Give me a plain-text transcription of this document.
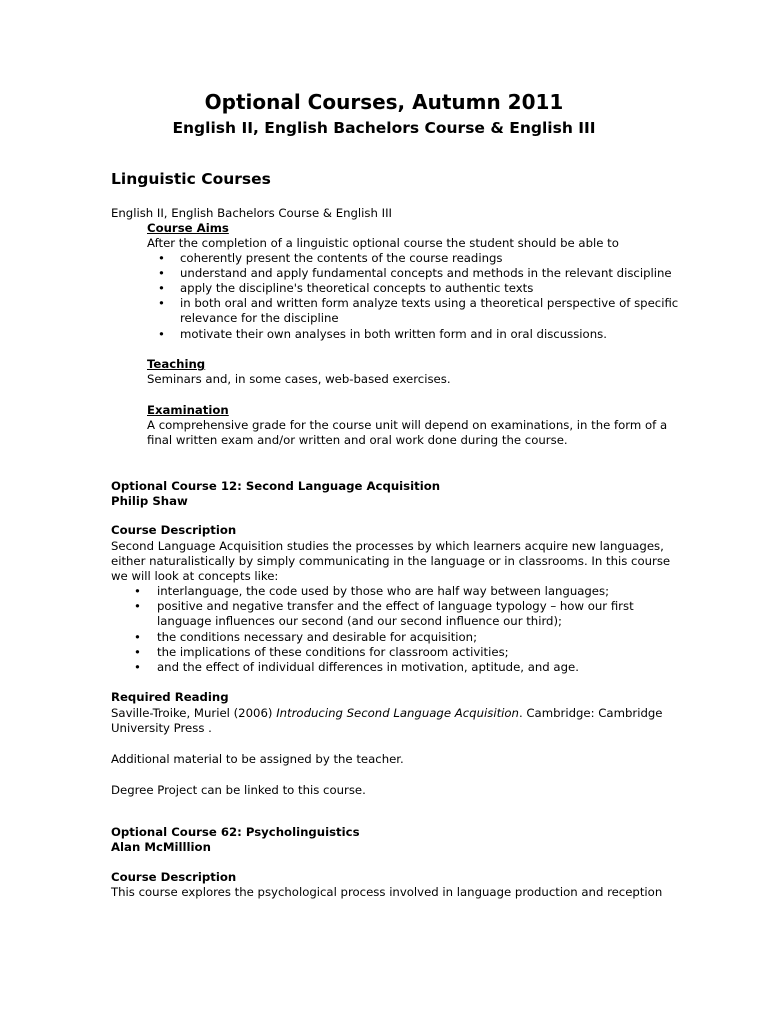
Optional Courses, Autumn 2011
English II, English Bachelors Course & English III
Linguistic Courses
English II, English Bachelors Course & English III
Course Aims
After the completion of a linguistic optional course the student should be able to
• coherently present the contents of the course readings
• understand and apply fundamental concepts and methods in the relevant discipline
• apply the discipline's theoretical concepts to authentic texts
• in both oral and written form analyze texts using a theoretical perspective of specific
relevance for the discipline
• motivate their own analyses in both written form and in oral discussions.
Teaching
Seminars and, in some cases, web-based exercises.
Examination
A comprehensive grade for the course unit will depend on examinations, in the form of a
final written exam and/or written and oral work done during the course.
Optional Course 12: Second Language Acquisition
Philip Shaw
Course Description
Second Language Acquisition studies the processes by which learners acquire new languages,
either naturalistically by simply communicating in the language or in classrooms. In this course
we will look at concepts like:
• interlanguage, the code used by those who are half way between languages;
• positive and negative transfer and the effect of language typology – how our first
language influences our second (and our second influence our third);
• the conditions necessary and desirable for acquisition;
• the implications of these conditions for classroom activities;
• and the effect of individual differences in motivation, aptitude, and age.
Required Reading
Saville-Troike, Muriel (2006) Introducing Second Language Acquisition. Cambridge: Cambridge
University Press .
Additional material to be assigned by the teacher.
Degree Project can be linked to this course.
Optional Course 62: Psycholinguistics
Alan McMilllion
Course Description
This course explores the psychological process involved in language production and reception
